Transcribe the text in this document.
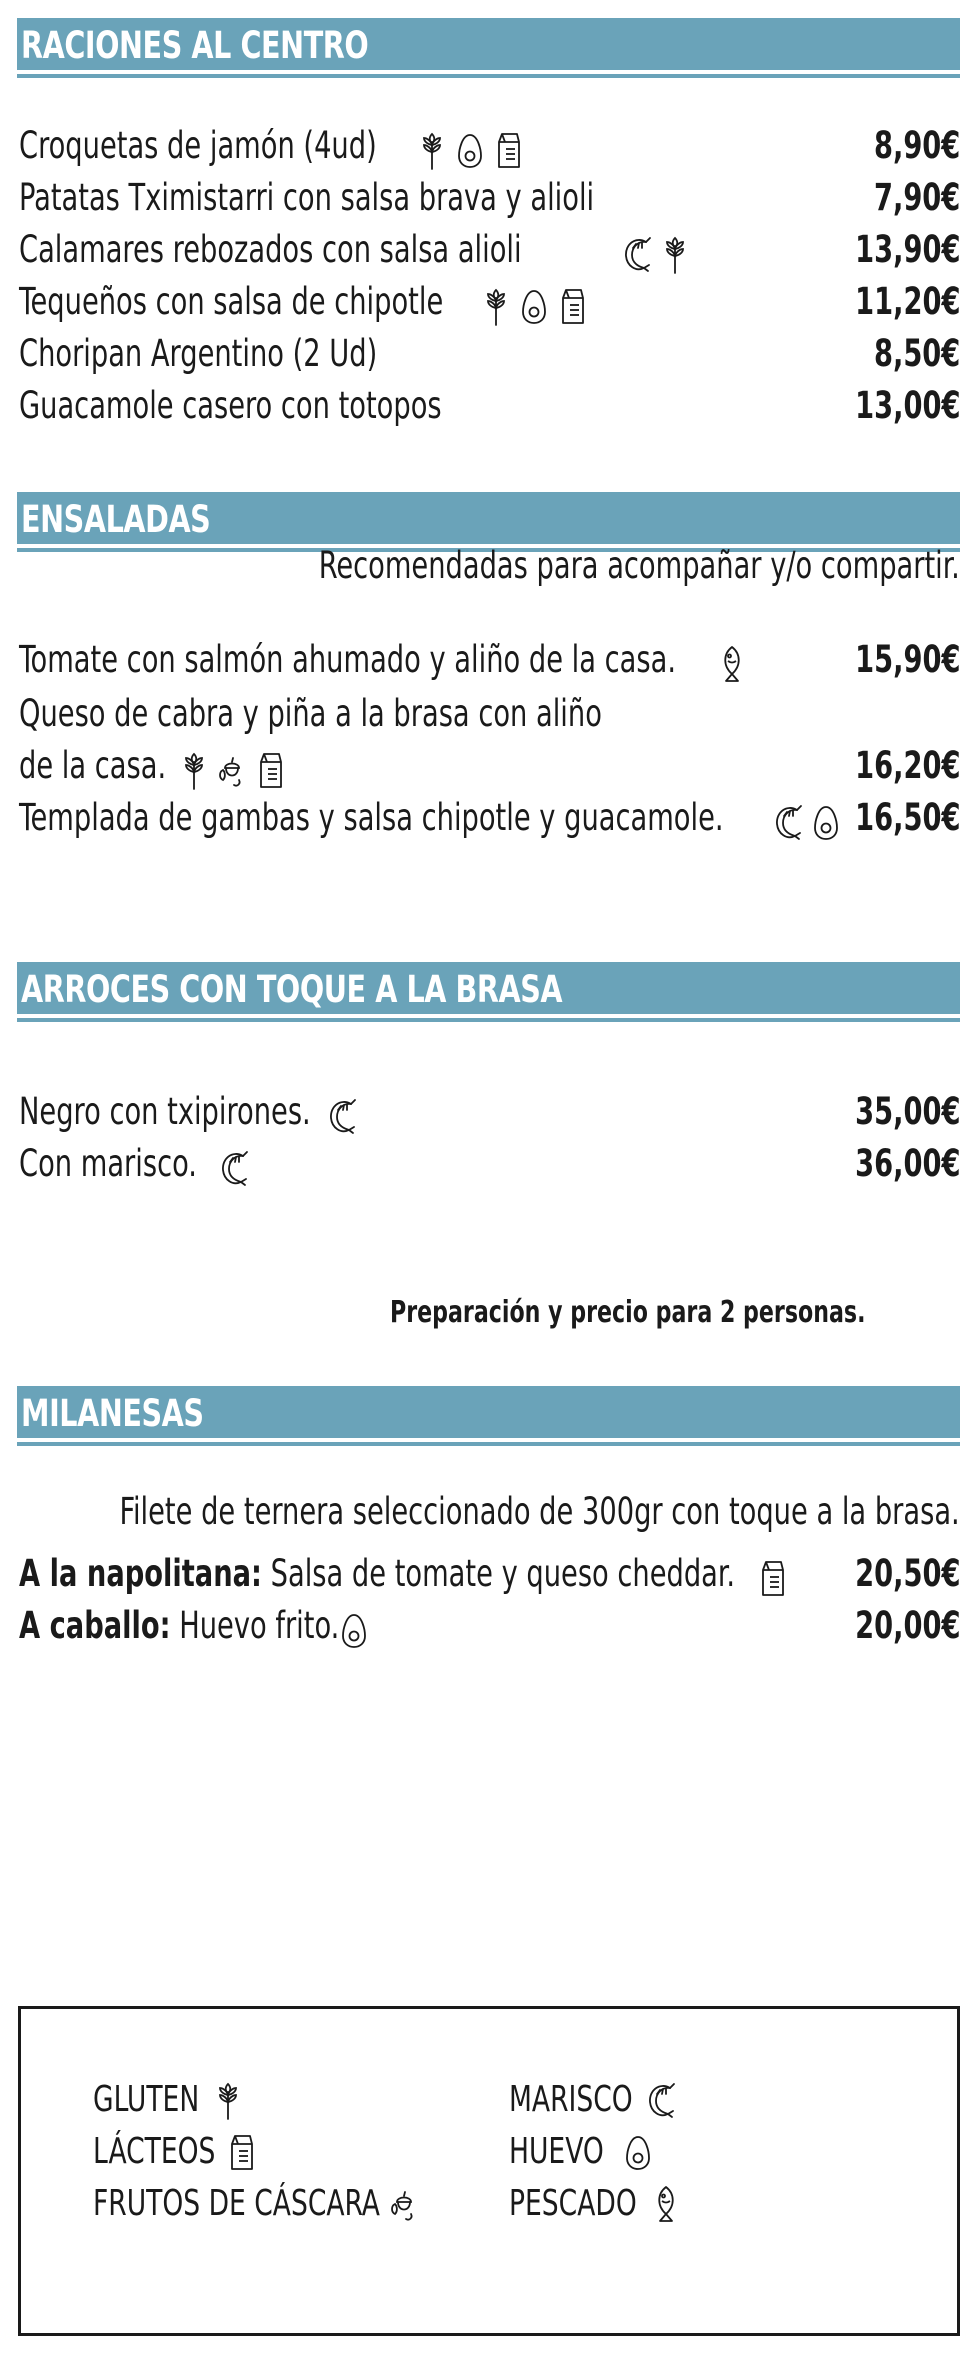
RACIONES AL CENTRO
Croquetas de jamón (4ud)	8,90€
Patatas Tximistarri con salsa brava y alioli	7,90€
Calamares rebozados con salsa alioli	13,90€
Tequeños con salsa de chipotle	11,20€
Choripan Argentino (2 Ud)	8,50€
Guacamole casero con totopos	13,00€
ENSALADAS
Recomendadas para acompañar y/o compartir.
Tomate con salmón ahumado y aliño de la casa.	15,90€
Queso de cabra y piña a la brasa con aliño
de la casa.	16,20€
Templada de gambas y salsa chipotle y guacamole.	16,50€
ARROCES CON TOQUE A LA BRASA
Negro con txipirones.	35,00€
Con marisco.	36,00€
Preparación y precio para 2 personas.
MILANESAS
Filete de ternera seleccionado de 300gr con toque a la brasa.
A la napolitana: Salsa de tomate y queso cheddar.	20,50€
A caballo: Huevo frito.	20,00€
GLUTEN
LÁCTEOS
FRUTOS DE CÁSCARA
MARISCO
HUEVO
PESCADO
